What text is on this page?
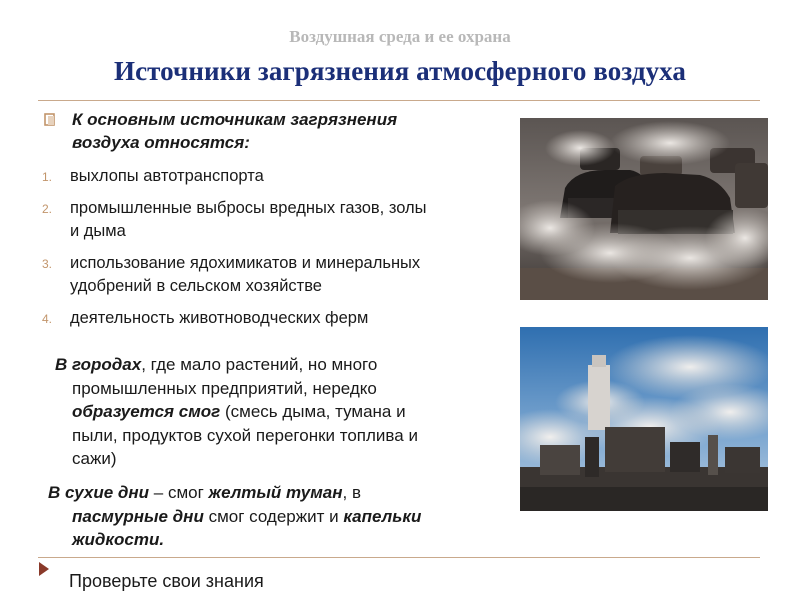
Воздушная среда и ее охрана
Источники загрязнения атмосферного воздуха
К основным источникам загрязнения
воздуха относятся:
1. выхлопы автотранспорта
2. промышленные выбросы вредных газов, золы
и дыма
3. использование ядохимикатов и минеральных
удобрений в сельском хозяйстве
4. деятельность животноводческих ферм
В городах, где мало растений, но много
промышленных предприятий, нередко
образуется смог (смесь дыма, тумана и
пыли, продуктов сухой перегонки топлива и
сажи)
В сухие дни – смог желтый туман, в
пасмурные дни смог содержит и капельки
жидкости.
Проверьте свои знания
